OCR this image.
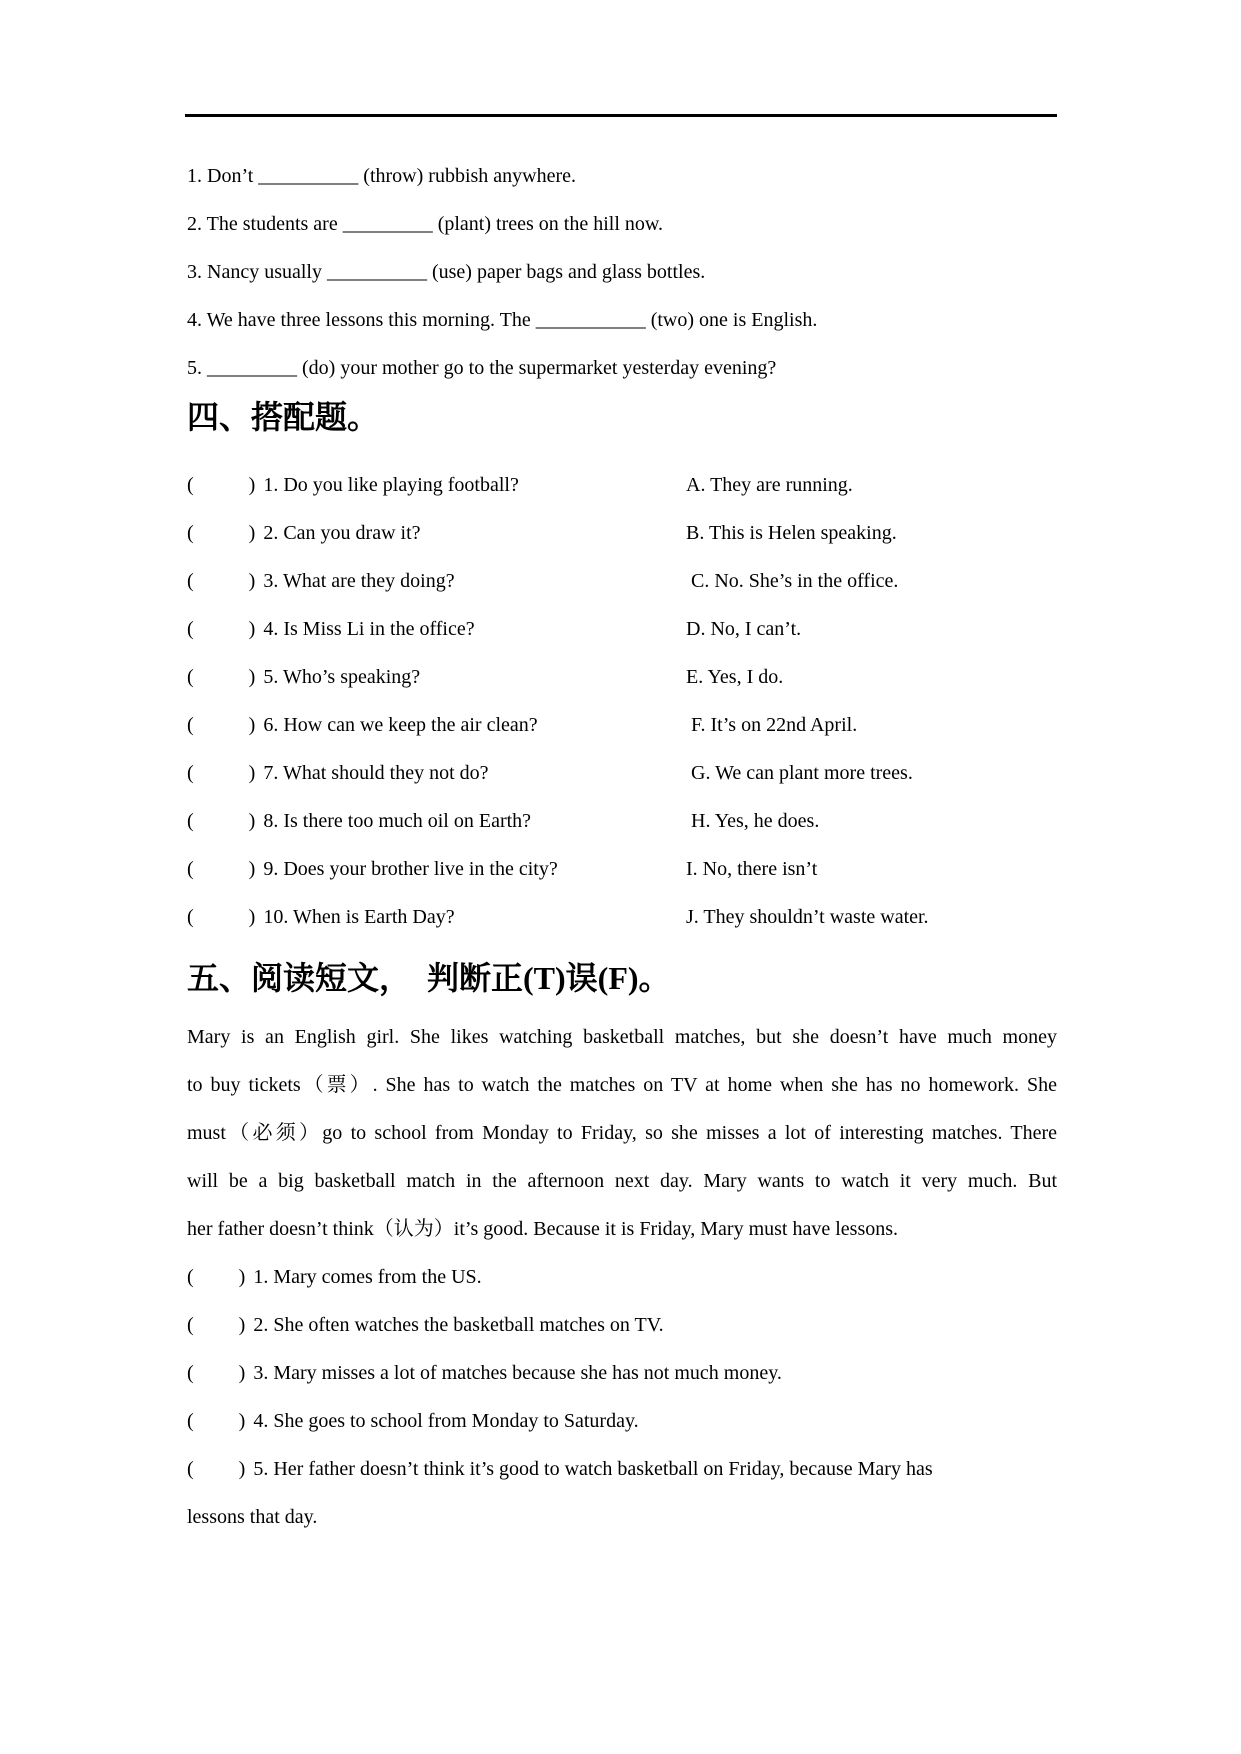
1. Don’t __________ (throw) rubbish anywhere.
2. The students are _________ (plant) trees on the hill now.
3. Nancy usually __________ (use) paper bags and glass bottles.
4. We have three lessons this morning. The ___________ (two) one is English.
5. _________ (do) your mother go to the supermarket yesterday evening?
四、搭配题。
(	) 1. Do you like playing football?	A. They are running.
(	) 2. Can you draw it?	B. This is Helen speaking.
(	) 3. What are they doing?	C. No. She’s in the office.
(	) 4. Is Miss Li in the office?	D. No, I can’t.
(	) 5. Who’s speaking?	E. Yes, I do.
(	) 6. How can we keep the air clean?	F. It’s on 22nd April.
(	) 7. What should they not do?	G. We can plant more trees.
(	) 8. Is there too much oil on Earth?	H. Yes, he does.
(	) 9. Does your brother live in the city?	I. No, there isn’t
(	) 10. When is Earth Day?	J. They shouldn’t waste water.
五、阅读短文，  判断正(T)误(F)。
Mary is an English girl. She likes watching basketball matches, but she doesn’t have much money
to buy tickets（票）. She has to watch the matches on TV at home when she has no homework. She
must（必须）go to school from Monday to Friday, so she misses a lot of interesting matches. There
will be a big basketball match in the afternoon next day. Mary wants to watch it very much. But
her father doesn’t think（认为）it’s good. Because it is Friday, Mary must have lessons.
( ) 1. Mary comes from the US.
( ) 2. She often watches the basketball matches on TV.
( ) 3. Mary misses a lot of matches because she has not much money.
( ) 4. She goes to school from Monday to Saturday.
( ) 5. Her father doesn’t think it’s good to watch basketball on Friday, because Mary has
lessons that day.
